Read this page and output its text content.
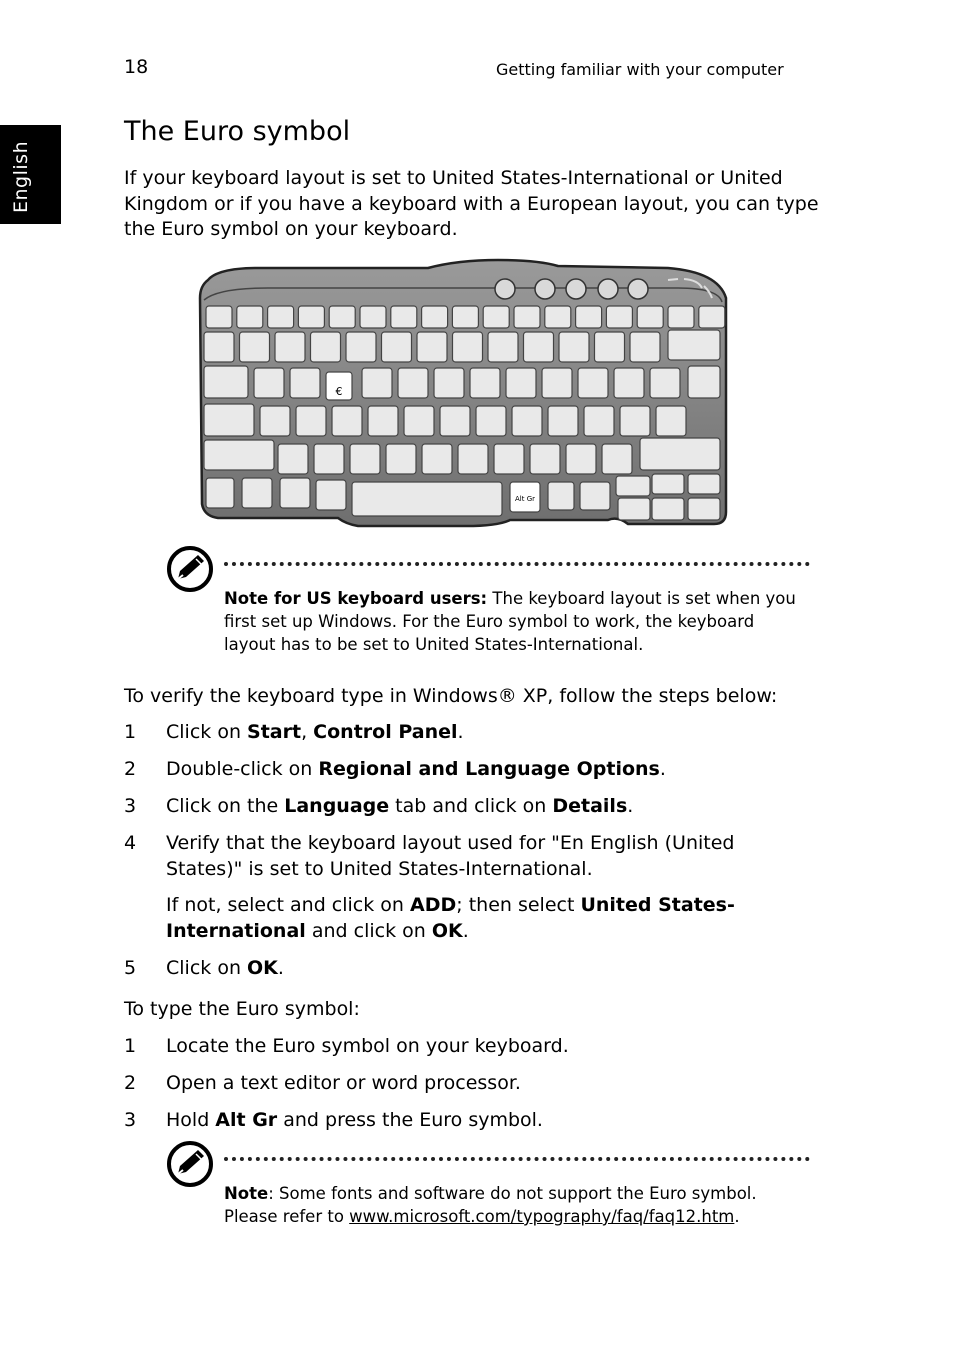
18	Getting familiar with your computer
English
The Euro symbol
If your keyboard layout is set to United States-International or United Kingdom or if you have a keyboard with a European layout, you can type the Euro symbol on your keyboard.
€
Alt Gr
Note for US keyboard users: The keyboard layout is set when you first set up Windows. For the Euro symbol to work, the keyboard layout has to be set to United States-International.
To verify the keyboard type in Windows® XP, follow the steps below:
1 Click on Start, Control Panel.
2 Double-click on Regional and Language Options.
3 Click on the Language tab and click on Details.
4 Verify that the keyboard layout used for "En English (United States)" is set to United States-International.
If not, select and click on ADD; then select United States-International and click on OK.
5 Click on OK.
To type the Euro symbol:
1 Locate the Euro symbol on your keyboard.
2 Open a text editor or word processor.
3 Hold Alt Gr and press the Euro symbol.
Note: Some fonts and software do not support the Euro symbol. Please refer to www.microsoft.com/typography/faq/faq12.htm.
